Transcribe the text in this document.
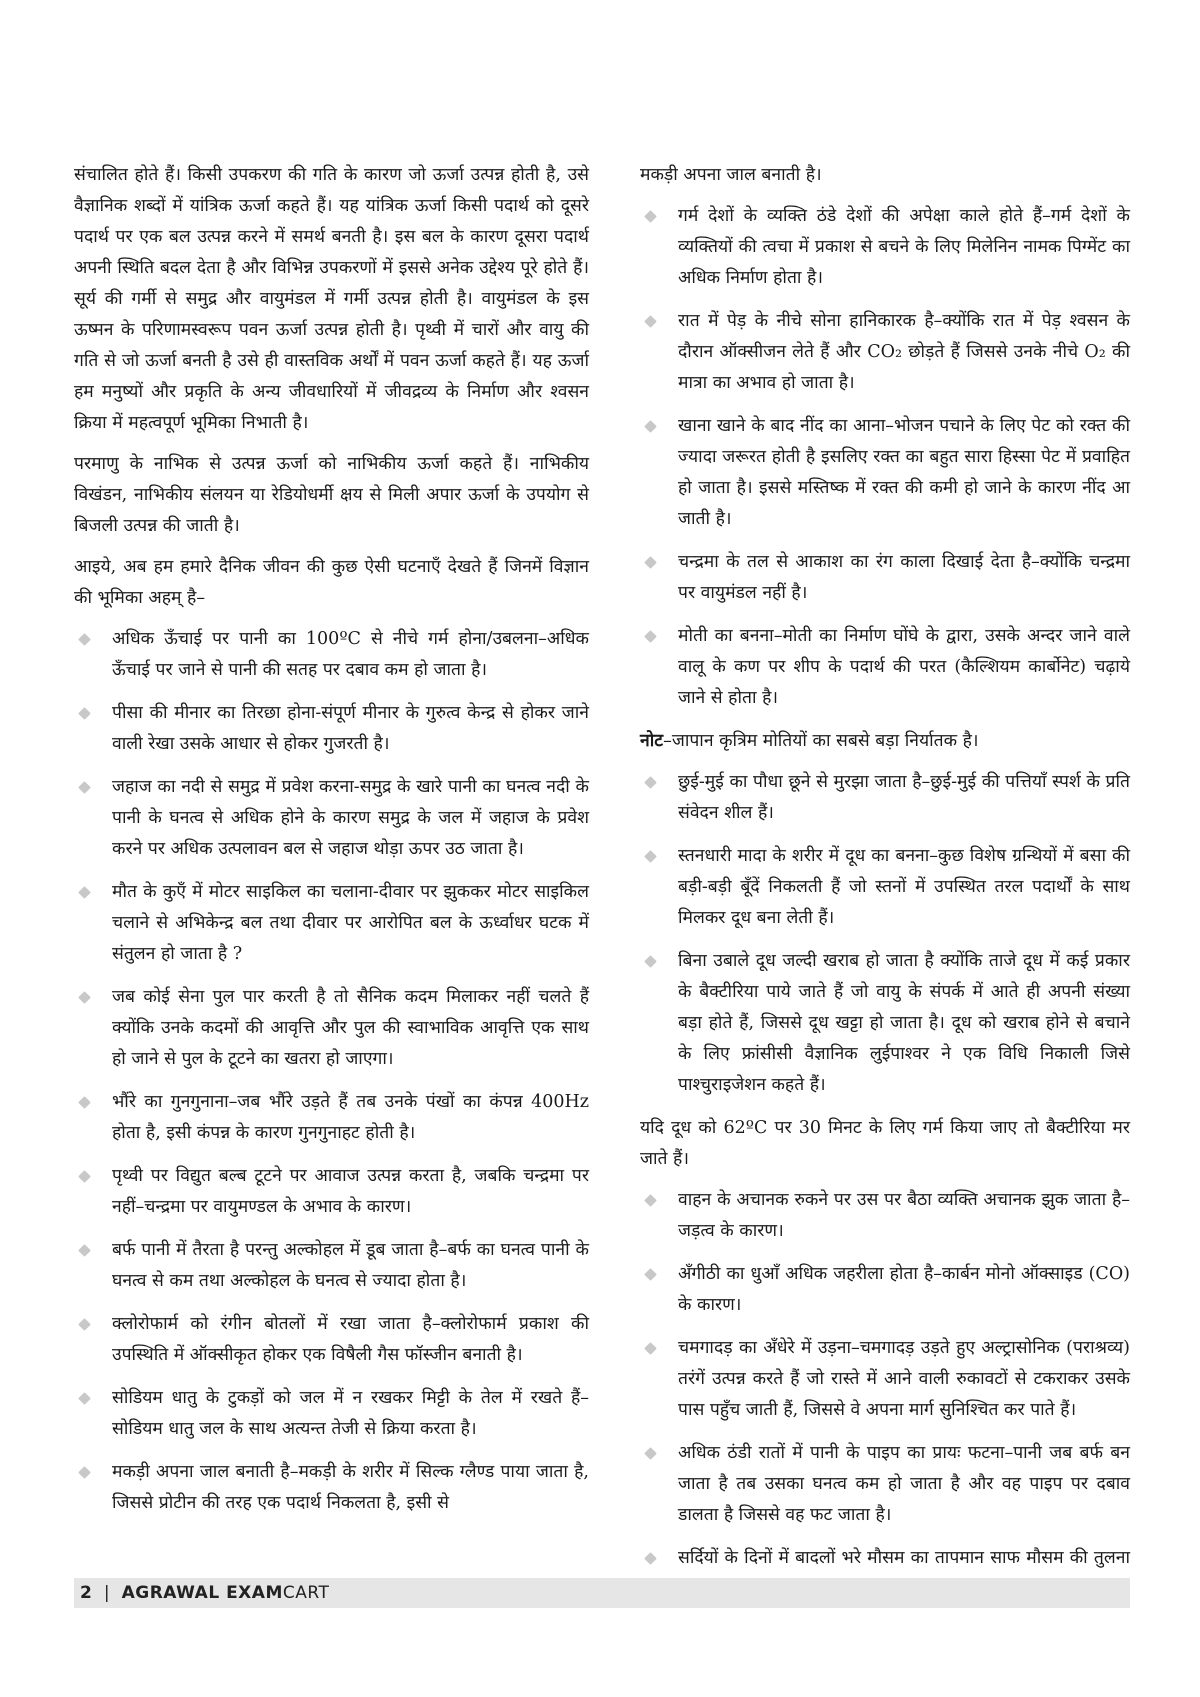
संचालित होते हैं। किसी उपकरण की गति के कारण जो ऊर्जा उत्पन्न होती है, उसे वैज्ञानिक शब्दों में यांत्रिक ऊर्जा कहते हैं। यह यांत्रिक ऊर्जा किसी पदार्थ को दूसरे पदार्थ पर एक बल उत्पन्न करने में समर्थ बनती है। इस बल के कारण दूसरा पदार्थ अपनी स्थिति बदल देता है और विभिन्न उपकरणों में इससे अनेक उद्देश्य पूरे होते हैं। सूर्य की गर्मी से समुद्र और वायुमंडल में गर्मी उत्पन्न होती है। वायुमंडल के इस ऊष्मन के परिणामस्वरूप पवन ऊर्जा उत्पन्न होती है। पृथ्वी में चारों और वायु की गति से जो ऊर्जा बनती है उसे ही वास्तविक अर्थों में पवन ऊर्जा कहते हैं। यह ऊर्जा हम मनुष्यों और प्रकृति के अन्य जीवधारियों में जीवद्रव्य के निर्माण और श्वसन क्रिया में महत्वपूर्ण भूमिका निभाती है।

परमाणु के नाभिक से उत्पन्न ऊर्जा को नाभिकीय ऊर्जा कहते हैं। नाभिकीय विखंडन, नाभिकीय संलयन या रेडियोधर्मी क्षय से मिली अपार ऊर्जा के उपयोग से बिजली उत्पन्न की जाती है।

आइये, अब हम हमारे दैनिक जीवन की कुछ ऐसी घटनाएँ देखते हैं जिनमें विज्ञान की भूमिका अहम् है–

अधिक ऊँचाई पर पानी का 100ºC से नीचे गर्म होना/उबलना–अधिक ऊँचाई पर जाने से पानी की सतह पर दबाव कम हो जाता है।
पीसा की मीनार का तिरछा होना-संपूर्ण मीनार के गुरुत्व केन्द्र से होकर जाने वाली रेखा उसके आधार से होकर गुजरती है।
जहाज का नदी से समुद्र में प्रवेश करना-समुद्र के खारे पानी का घनत्व नदी के पानी के घनत्व से अधिक होने के कारण समुद्र के जल में जहाज के प्रवेश करने पर अधिक उत्पलावन बल से जहाज थोड़ा ऊपर उठ जाता है।
मौत के कुएँ में मोटर साइकिल का चलाना-दीवार पर झुककर मोटर साइकिल चलाने से अभिकेन्द्र बल तथा दीवार पर आरोपित बल के ऊर्ध्वाधर घटक में संतुलन हो जाता है ?
जब कोई सेना पुल पार करती है तो सैनिक कदम मिलाकर नहीं चलते हैं क्योंकि उनके कदमों की आवृत्ति और पुल की स्वाभाविक आवृत्ति एक साथ हो जाने से पुल के टूटने का खतरा हो जाएगा।
भौंरे का गुनगुनाना–जब भौंरे उड़ते हैं तब उनके पंखों का कंपन्न 400Hz होता है, इसी कंपन्न के कारण गुनगुनाहट होती है।
पृथ्वी पर विद्युत बल्ब टूटने पर आवाज उत्पन्न करता है, जबकि चन्द्रमा पर नहीं–चन्द्रमा पर वायुमण्डल के अभाव के कारण।
बर्फ पानी में तैरता है परन्तु अल्कोहल में डूब जाता है–बर्फ का घनत्व पानी के घनत्व से कम तथा अल्कोहल के घनत्व से ज्यादा होता है।
क्लोरोफार्म को रंगीन बोतलों में रखा जाता है–क्लोरोफार्म प्रकाश की उपस्थिति में ऑक्सीकृत होकर एक विषैली गैस फॉस्जीन बनाती है।
सोडियम धातु के टुकड़ों को जल में न रखकर मिट्टी के तेल में रखते हैं–सोडियम धातु जल के साथ अत्यन्त तेजी से क्रिया करता है।
मकड़ी अपना जाल बनाती है–मकड़ी के शरीर में सिल्क ग्लैण्ड पाया जाता है, जिससे प्रोटीन की तरह एक पदार्थ निकलता है, इसी से

मकड़ी अपना जाल बनाती है।

गर्म देशों के व्यक्ति ठंडे देशों की अपेक्षा काले होते हैं–गर्म देशों के व्यक्तियों की त्वचा में प्रकाश से बचने के लिए मिलेनिन नामक पिग्मेंट का अधिक निर्माण होता है।
रात में पेड़ के नीचे सोना हानिकारक है–क्योंकि रात में पेड़ श्वसन के दौरान ऑक्सीजन लेते हैं और CO₂ छोड़ते हैं जिससे उनके नीचे O₂ की मात्रा का अभाव हो जाता है।
खाना खाने के बाद नींद का आना–भोजन पचाने के लिए पेट को रक्त की ज्यादा जरूरत होती है इसलिए रक्त का बहुत सारा हिस्सा पेट में प्रवाहित हो जाता है। इससे मस्तिष्क में रक्त की कमी हो जाने के कारण नींद आ जाती है।
चन्द्रमा के तल से आकाश का रंग काला दिखाई देता है–क्योंकि चन्द्रमा पर वायुमंडल नहीं है।
मोती का बनना–मोती का निर्माण घोंघे के द्वारा, उसके अन्दर जाने वाले वालू के कण पर शीप के पदार्थ की परत (कैल्शियम कार्बोनेट) चढ़ाये जाने से होता है।

नोट–जापान कृत्रिम मोतियों का सबसे बड़ा निर्यातक है।

छुई-मुई का पौधा छूने से मुरझा जाता है–छुई-मुई की पत्तियाँ स्पर्श के प्रति संवेदन शील हैं।
स्तनधारी मादा के शरीर में दूध का बनना–कुछ विशेष ग्रन्थियों में बसा की बड़ी-बड़ी बूँदें निकलती हैं जो स्तनों में उपस्थित तरल पदार्थों के साथ मिलकर दूध बना लेती हैं।
बिना उबाले दूध जल्दी खराब हो जाता है क्योंकि ताजे दूध में कई प्रकार के बैक्टीरिया पाये जाते हैं जो वायु के संपर्क में आते ही अपनी संख्या बड़ा होते हैं, जिससे दूध खट्टा हो जाता है। दूध को खराब होने से बचाने के लिए फ्रांसीसी वैज्ञानिक लुईपाश्वर ने एक विधि निकाली जिसे पाश्चुराइजेशन कहते हैं।

यदि दूध को 62ºC पर 30 मिनट के लिए गर्म किया जाए तो बैक्टीरिया मर जाते हैं।

वाहन के अचानक रुकने पर उस पर बैठा व्यक्ति अचानक झुक जाता है–जड़त्व के कारण।
अँगीठी का धुआँ अधिक जहरीला होता है–कार्बन मोनो ऑक्साइड (CO) के कारण।
चमगादड़ का अँधेरे में उड़ना–चमगादड़ उड़ते हुए अल्ट्रासोनिक (पराश्रव्य) तरंगें उत्पन्न करते हैं जो रास्ते में आने वाली रुकावटों से टकराकर उसके पास पहुँच जाती हैं, जिससे वे अपना मार्ग सुनिश्चित कर पाते हैं।
अधिक ठंडी रातों में पानी के पाइप का प्रायः फटना–पानी जब बर्फ बन जाता है तब उसका घनत्व कम हो जाता है और वह पाइप पर दबाव डालता है जिससे वह फट जाता है।
सर्दियों के दिनों में बादलों भरे मौसम का तापमान साफ मौसम की तुलना
2 | AGRAWAL EXAM CART
